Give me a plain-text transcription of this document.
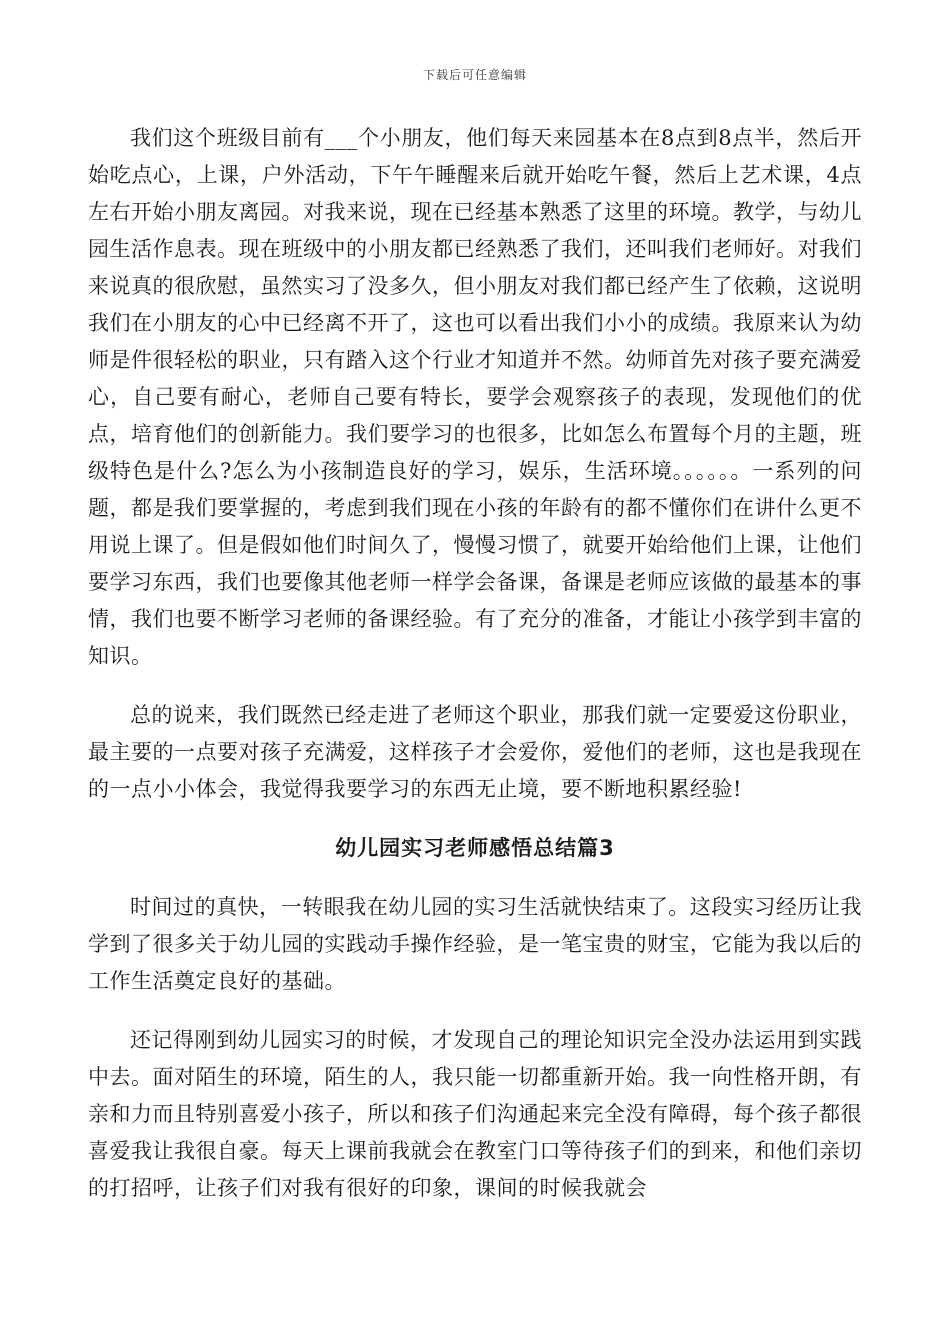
下载后可任意编辑

我们这个班级目前有___个小朋友，他们每天来园基本在8点到8点半，然后开始吃点心，上课，户外活动，下午午睡醒来后就开始吃午餐，然后上艺术课，4点左右开始小朋友离园。对我来说，现在已经基本熟悉了这里的环境。教学，与幼儿园生活作息表。现在班级中的小朋友都已经熟悉了我们，还叫我们老师好。对我们来说真的很欣慰，虽然实习了没多久，但小朋友对我们都已经产生了依赖，这说明我们在小朋友的心中已经离不开了，这也可以看出我们小小的成绩。我原来认为幼师是件很轻松的职业，只有踏入这个行业才知道并不然。幼师首先对孩子要充满爱心，自己要有耐心，老师自己要有特长，要学会观察孩子的表现，发现他们的优点，培育他们的创新能力。我们要学习的也很多，比如怎么布置每个月的主题，班级特色是什么?怎么为小孩制造良好的学习，娱乐，生活环境。。。。。。一系列的问题，都是我们要掌握的，考虑到我们现在小孩的年龄有的都不懂你们在讲什么更不用说上课了。但是假如他们时间久了，慢慢习惯了，就要开始给他们上课，让他们要学习东西，我们也要像其他老师一样学会备课，备课是老师应该做的最基本的事情，我们也要不断学习老师的备课经验。有了充分的准备，才能让小孩学到丰富的知识。

总的说来，我们既然已经走进了老师这个职业，那我们就一定要爱这份职业，最主要的一点要对孩子充满爱，这样孩子才会爱你，爱他们的老师，这也是我现在的一点小小体会，我觉得我要学习的东西无止境，要不断地积累经验!

幼儿园实习老师感悟总结篇3

时间过的真快，一转眼我在幼儿园的实习生活就快结束了。这段实习经历让我学到了很多关于幼儿园的实践动手操作经验，是一笔宝贵的财宝，它能为我以后的工作生活奠定良好的基础。

还记得刚到幼儿园实习的时候，才发现自己的理论知识完全没办法运用到实践中去。面对陌生的环境，陌生的人，我只能一切都重新开始。我一向性格开朗，有亲和力而且特别喜爱小孩子，所以和孩子们沟通起来完全没有障碍，每个孩子都很喜爱我让我很自豪。每天上课前我就会在教室门口等待孩子们的到来，和他们亲切的打招呼，让孩子们对我有很好的印象，课间的时候我就会
